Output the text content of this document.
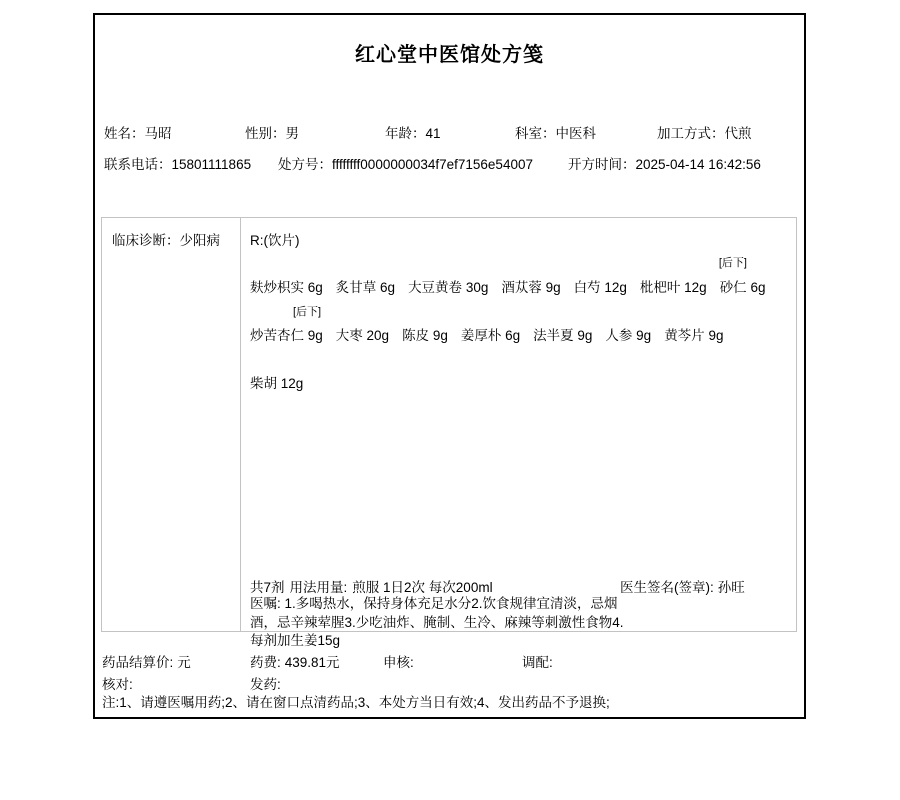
红心堂中医馆处方笺
姓名：马昭	性别：男	年龄：41	科室：中医科	加工方式：代煎
联系电话：15801111865 处方号：ffffffff0000000034f7ef7156e54007	开方时间：2025-04-14 16:42:56
临床诊断：少阳病 R:(饮片)
[后下]
麸炒枳实 6g 炙甘草 6g 大豆黄卷 30g 酒苁蓉 9g 白芍 12g 枇杷叶 12g 砂仁 6g
[后下]
炒苦杏仁 9g 大枣 20g 陈皮 9g 姜厚朴 6g 法半夏 9g 人参 9g 黄芩片 9g
柴胡 12g
共7剂 用法用量: 煎服 1日2次 每次200ml	医生签名(签章): 孙旺
医嘱: 1.多喝热水，保持身体充足水分2.饮食规律宜清淡，忌烟酒，忌辛辣荤腥3.少吃油炸、腌制、生冷、麻辣等刺激性食物4.每剂加生姜15g
药品结算价: 元	药费: 439.81元	申核:	调配:
核对:	发药:
注:1、请遵医嘱用药;2、请在窗口点清药品;3、本处方当日有效;4、发出药品不予退换;
